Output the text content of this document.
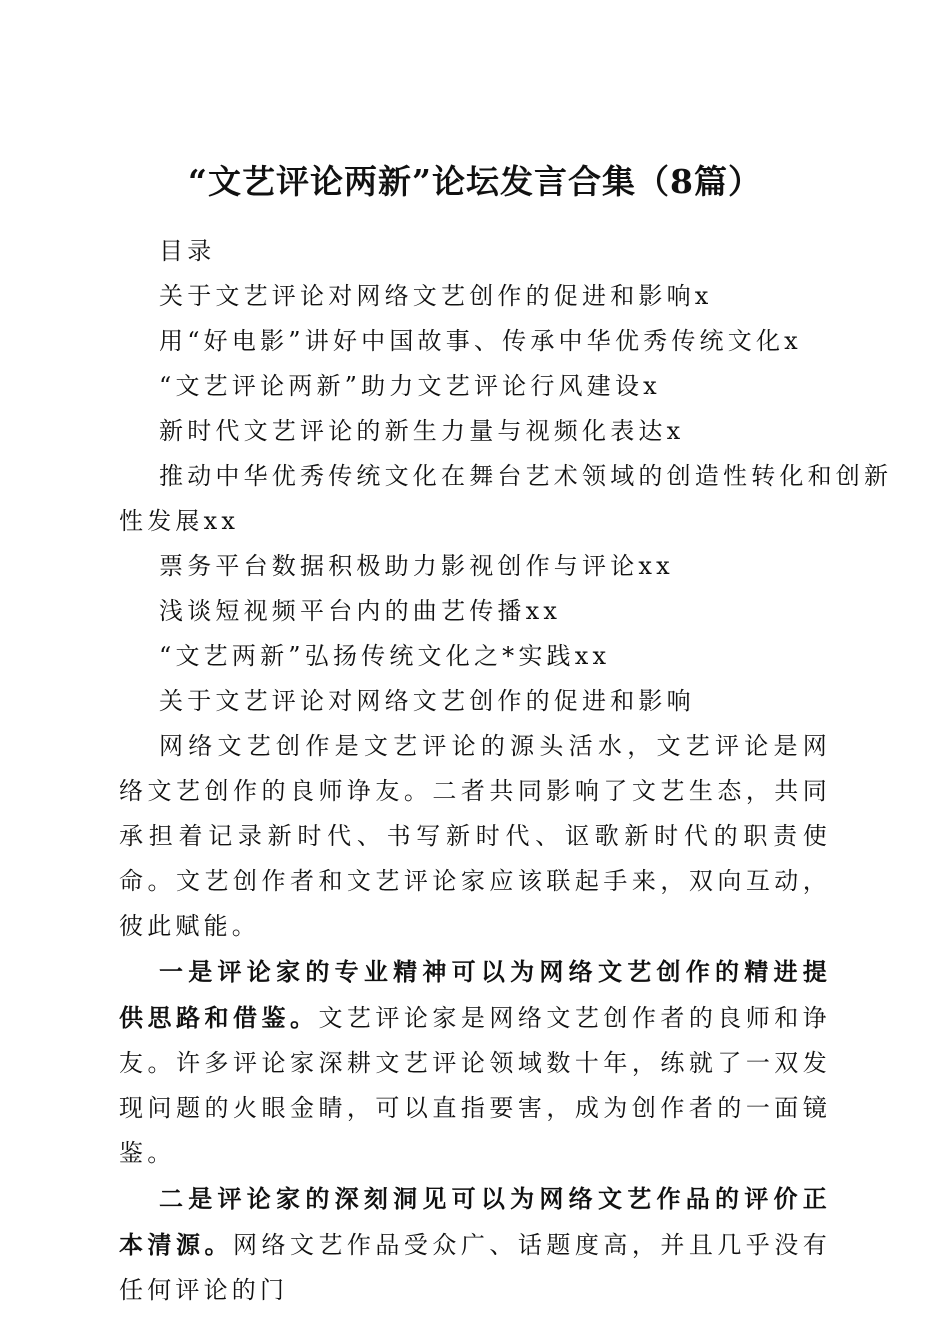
“文艺评论两新”论坛发言合集（8篇）

目录

关于文艺评论对网络文艺创作的促进和影响x

用“好电影”讲好中国故事、传承中华优秀传统文化x

“文艺评论两新”助力文艺评论行风建设x

新时代文艺评论的新生力量与视频化表达x

推动中华优秀传统文化在舞台艺术领域的创造性转化和创新

性发展xx

票务平台数据积极助力影视创作与评论xx

浅谈短视频平台内的曲艺传播xx

“文艺两新”弘扬传统文化之*实践xx

关于文艺评论对网络文艺创作的促进和影响

网络文艺创作是文艺评论的源头活水，文艺评论是网络文艺创作的良师诤友。二者共同影响了文艺生态，共同承担着记录新时代、书写新时代、讴歌新时代的职责使命。文艺创作者和文艺评论家应该联起手来，双向互动，彼此赋能。

一是评论家的专业精神可以为网络文艺创作的精进提供思路和借鉴。文艺评论家是网络文艺创作者的良师和诤友。许多评论家深耕文艺评论领域数十年，练就了一双发现问题的火眼金睛，可以直指要害，成为创作者的一面镜鉴。

二是评论家的深刻洞见可以为网络文艺作品的评价正本清源。网络文艺作品受众广、话题度高，并且几乎没有任何评论的门
